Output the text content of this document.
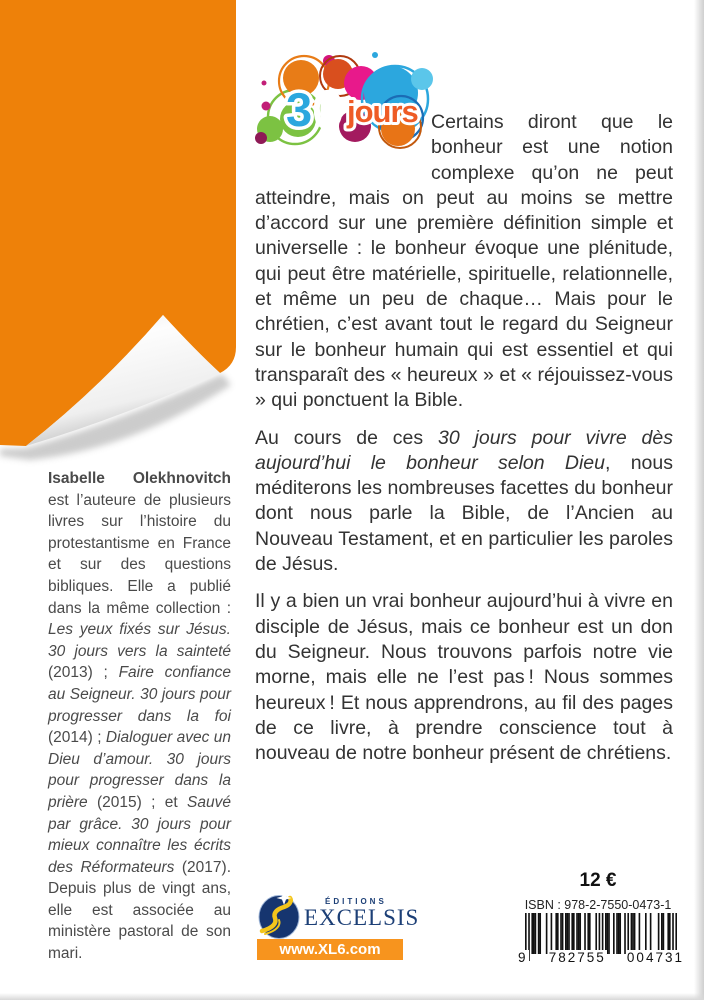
3 0 jours Certains diront que le bonheur est une notion complexe qu’on ne peut atteindre, mais on peut au moins se mettre d’accord sur une première définition simple et universelle : le bonheur évoque une plénitude, qui peut être matérielle, spirituelle, relationnelle, et même un peu de chaque… Mais pour le chrétien, c’est avant tout le regard du Seigneur sur le bonheur humain qui est essentiel et qui transparaît des « heureux » et « réjouissez-vous » qui ponctuent la Bible.

Au cours de ces 30 jours pour vivre dès aujourd’hui le bonheur selon Dieu, nous méditerons les nombreuses facettes du bonheur dont nous parle la Bible, de l’Ancien au Nouveau Testament, et en particulier les paroles de Jésus.

Il y a bien un vrai bonheur aujourd’hui à vivre en disciple de Jésus, mais ce bonheur est un don du Seigneur. Nous trouvons parfois notre vie morne, mais elle ne l’est pas ! Nous sommes heureux ! Et nous apprendrons, au fil des pages de ce livre, à prendre conscience tout à nouveau de notre bonheur présent de chrétiens.

Isabelle Olekhnovitch est l’auteure de plusieurs livres sur l’histoire du protestantisme en France et sur des questions bibliques. Elle a publié dans la même collection : Les yeux fixés sur Jésus. 30 jours vers la sainteté (2013) ; Faire confiance au Seigneur. 30 jours pour progresser dans la foi (2014) ; Dialoguer avec un Dieu d’amour. 30 jours pour progresser dans la prière (2015) ; et Sauvé par grâce. 30 jours pour mieux connaître les écrits des Réformateurs (2017). Depuis plus de vingt ans, elle est associée au ministère pastoral de son mari.
ÉDITIONS
EXCELSIS
www.XL6.com
12 €
ISBN : 978-2-7550-0473-1
9 782755 004731
